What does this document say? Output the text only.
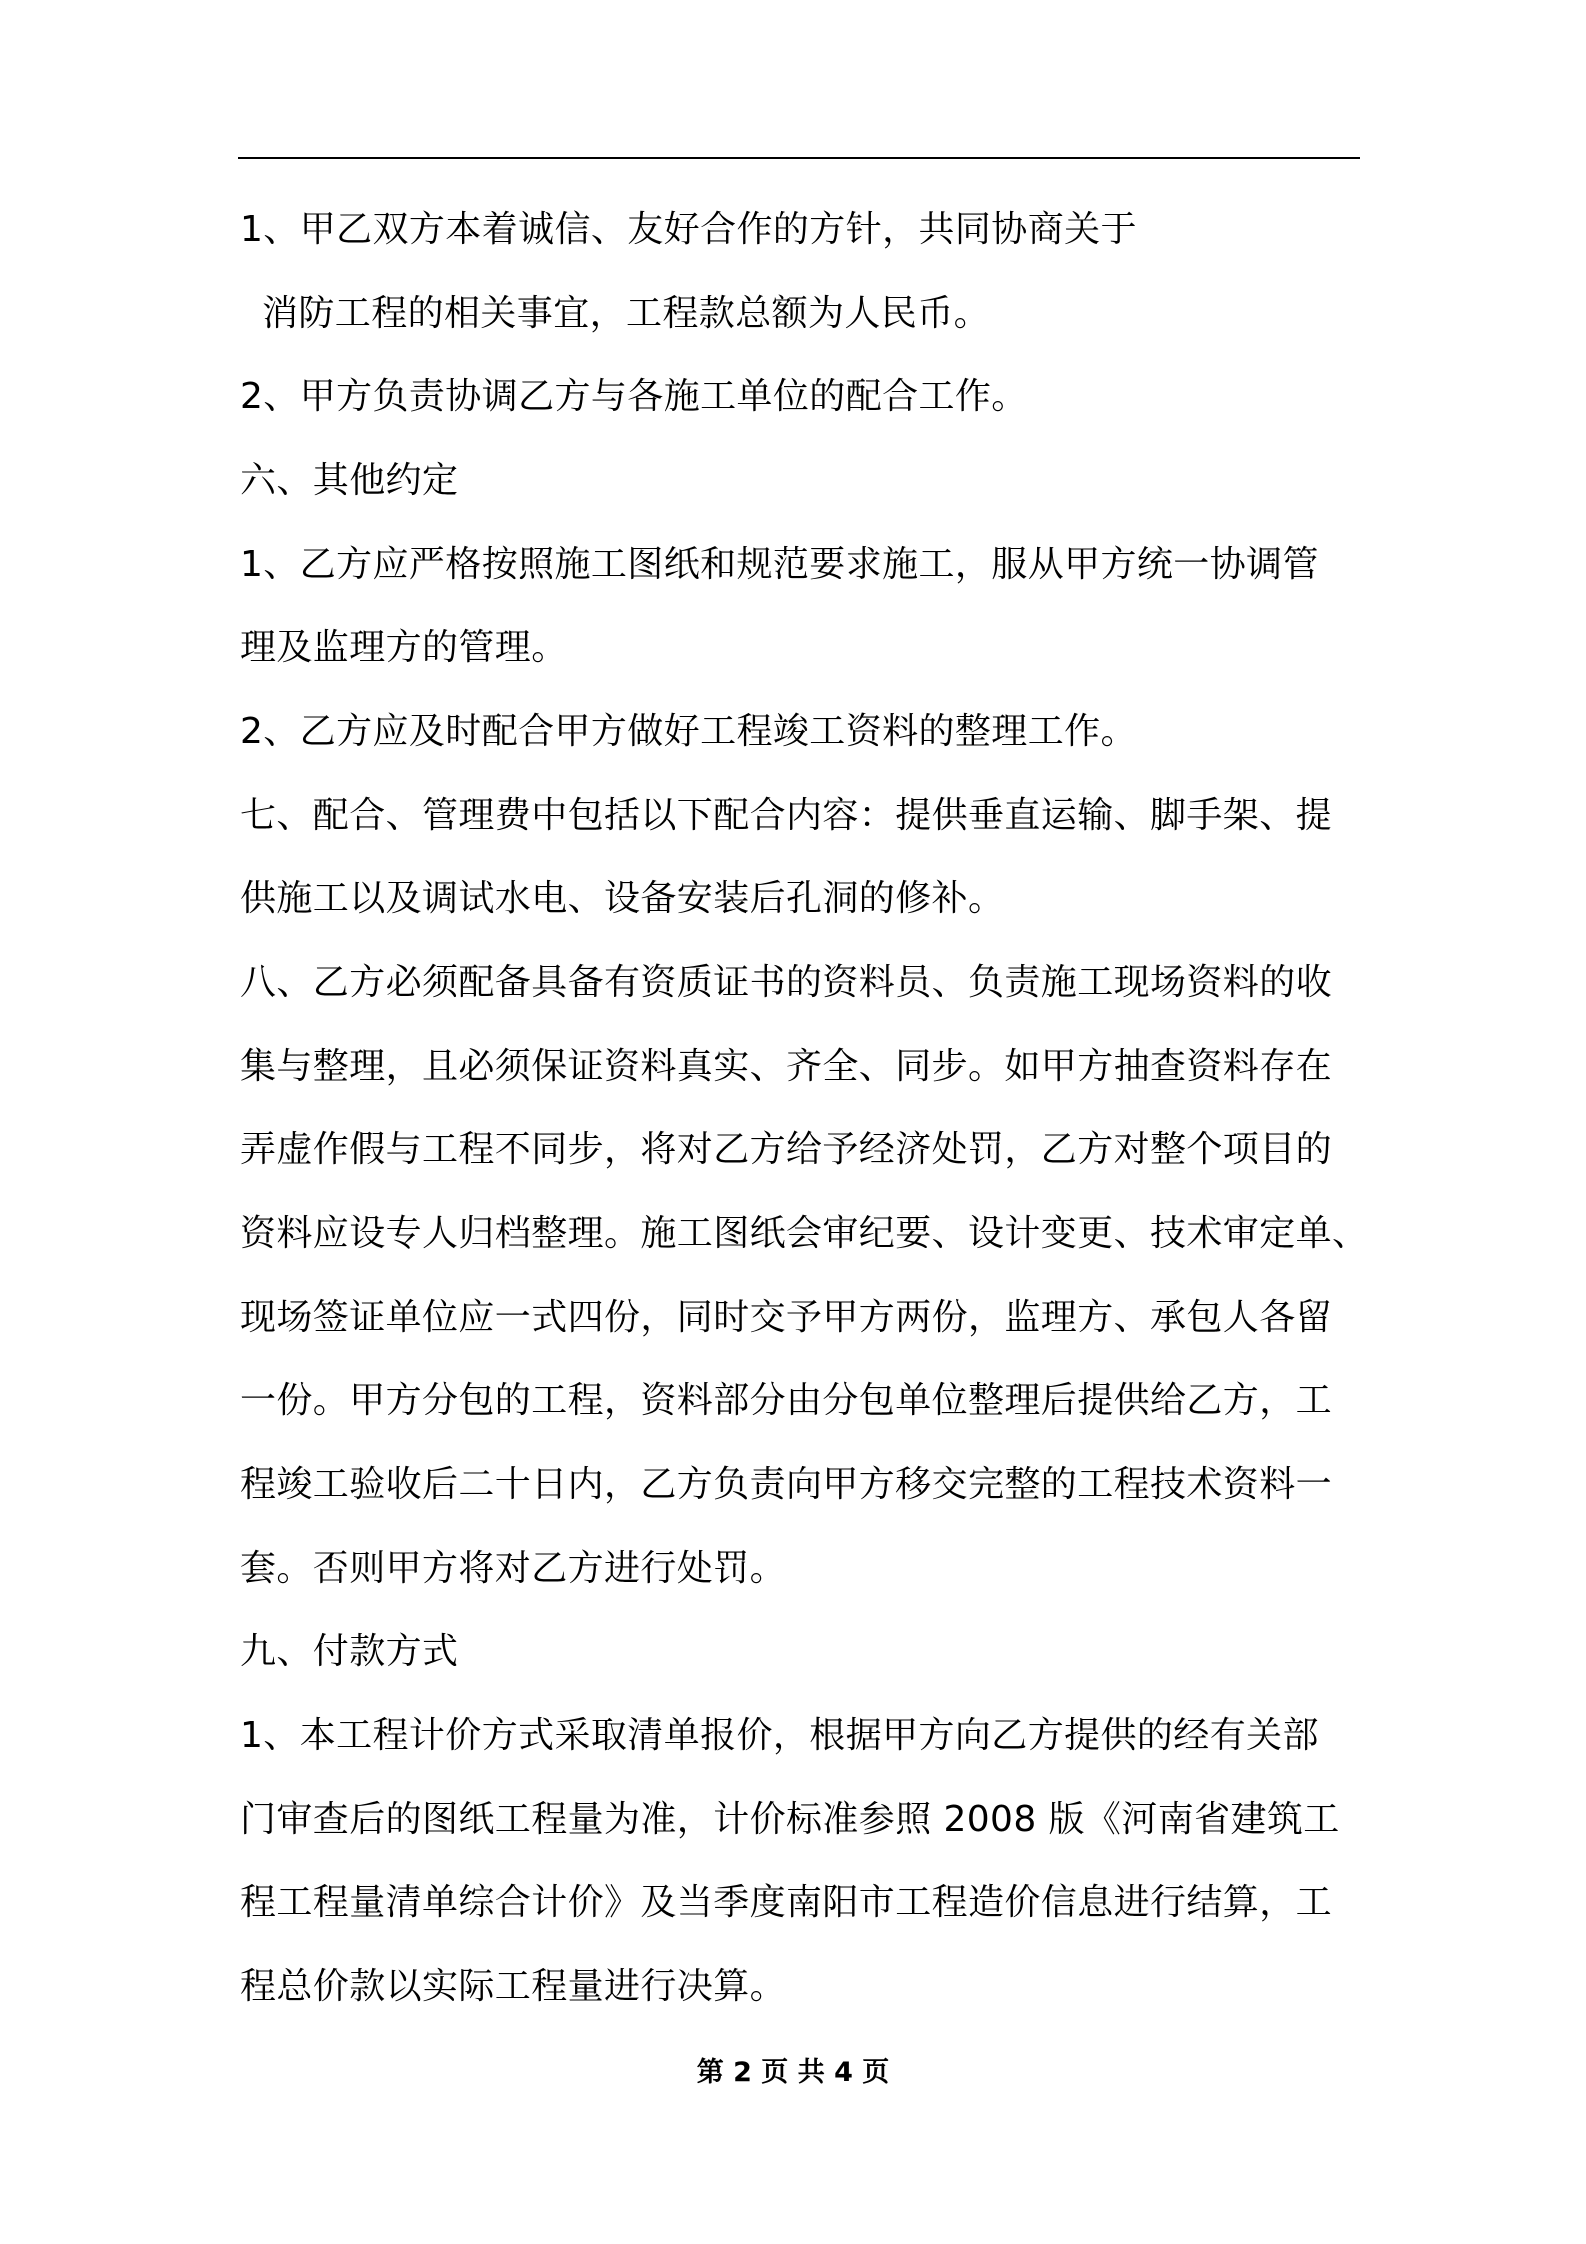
1、甲乙双方本着诚信、友好合作的方针，共同协商关于
消防工程的相关事宜，工程款总额为人民币。
2、甲方负责协调乙方与各施工单位的配合工作。
六、其他约定
1、乙方应严格按照施工图纸和规范要求施工，服从甲方统一协调管
理及监理方的管理。
2、乙方应及时配合甲方做好工程竣工资料的整理工作。
七、配合、管理费中包括以下配合内容：提供垂直运输、脚手架、提
供施工以及调试水电、设备安装后孔洞的修补。
八、乙方必须配备具备有资质证书的资料员、负责施工现场资料的收
集与整理，且必须保证资料真实、齐全、同步。如甲方抽查资料存在
弄虚作假与工程不同步，将对乙方给予经济处罚，乙方对整个项目的
资料应设专人归档整理。施工图纸会审纪要、设计变更、技术审定单、
现场签证单位应一式四份，同时交予甲方两份，监理方、承包人各留
一份。甲方分包的工程，资料部分由分包单位整理后提供给乙方，工
程竣工验收后二十日内，乙方负责向甲方移交完整的工程技术资料一
套。否则甲方将对乙方进行处罚。
九、付款方式
1、本工程计价方式采取清单报价，根据甲方向乙方提供的经有关部
门审查后的图纸工程量为准，计价标准参照 2008 版《河南省建筑工
程工程量清单综合计价》及当季度南阳市工程造价信息进行结算，工
程总价款以实际工程量进行决算。
第 2 页 共 4 页
